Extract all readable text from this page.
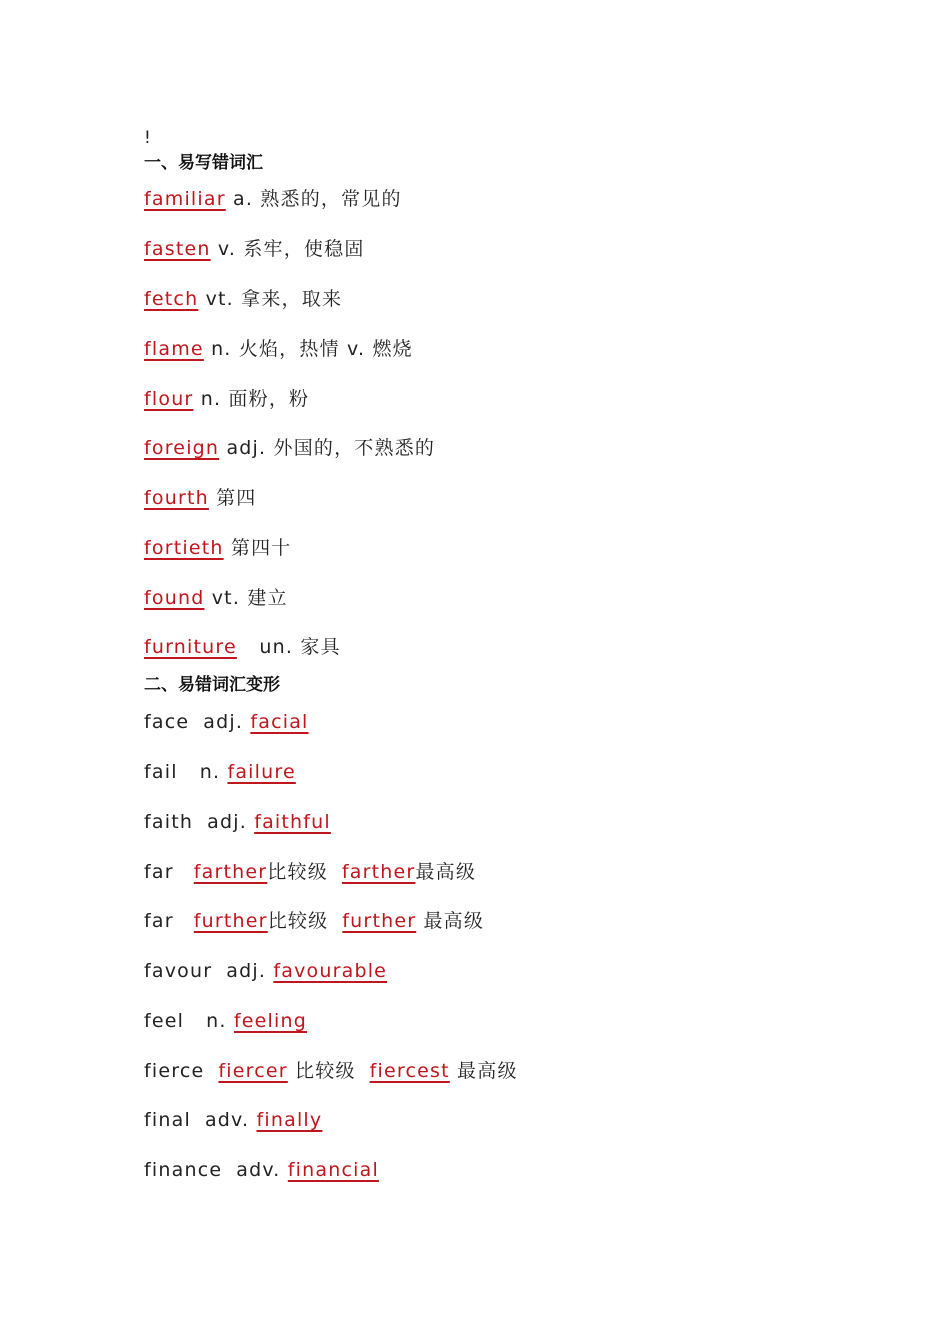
!
一、易写错词汇
familiar a. 熟悉的，常见的
fasten v. 系牢，使稳固
fetch vt. 拿来，取来
flame n. 火焰，热情 v. 燃烧
flour n. 面粉，粉
foreign adj. 外国的，不熟悉的
fourth 第四
fortieth 第四十
found vt. 建立
furniture un. 家具
二、易错词汇变形
face adj. facial
fail n. failure
faith adj. faithful
far farther比较级 farther最高级
far further比较级 further 最高级
favour adj. favourable
feel n. feeling
fierce fiercer 比较级 fiercest 最高级
final adv. finally
finance adv. financial
